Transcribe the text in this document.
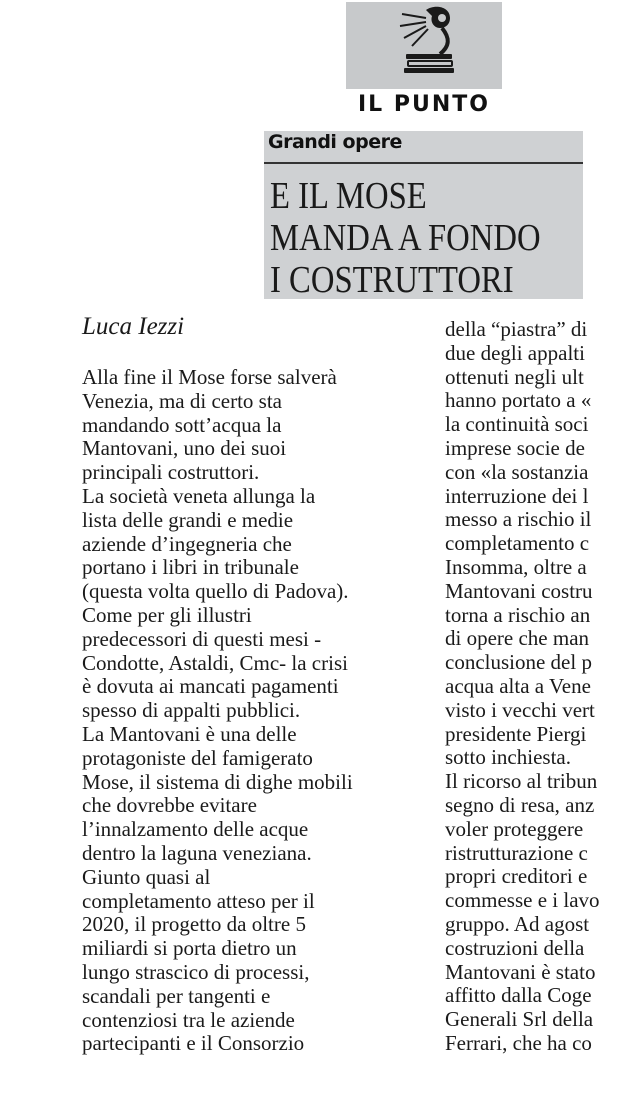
IL PUNTO
Grandi opere
E IL MOSE
MANDA A FONDO
I COSTRUTTORI
Luca Iezzi
Alla fine il Mose forse salverà
Venezia, ma di certo sta
mandando sott’acqua la
Mantovani, uno dei suoi
principali costruttori.
La società veneta allunga la
lista delle grandi e medie
aziende d’ingegneria che
portano i libri in tribunale
(questa volta quello di Padova).
Come per gli illustri
predecessori di questi mesi -
Condotte, Astaldi, Cmc- la crisi
è dovuta ai mancati pagamenti
spesso di appalti pubblici.
La Mantovani è una delle
protagoniste del famigerato
Mose, il sistema di dighe mobili
che dovrebbe evitare
l’innalzamento delle acque
dentro la laguna veneziana.
Giunto quasi al
completamento atteso per il
2020, il progetto da oltre 5
miliardi si porta dietro un
lungo strascico di processi,
scandali per tangenti e
contenziosi tra le aziende
partecipanti e il Consorzio
della “piastra” di
due degli appalti
ottenuti negli ult
hanno portato a «
la continuità soci
imprese socie de
con «la sostanzia
interruzione dei l
messo a rischio il
completamento c
Insomma, oltre a
Mantovani costru
torna a rischio an
di opere che man
conclusione del p
acqua alta a Vene
visto i vecchi vert
presidente Piergi
sotto inchiesta.
Il ricorso al tribun
segno di resa, anz
voler proteggere
ristrutturazione c
propri creditori e
commesse e i lavo
gruppo. Ad agost
costruzioni della
Mantovani è stato
affitto dalla Coge
Generali Srl della
Ferrari, che ha co
